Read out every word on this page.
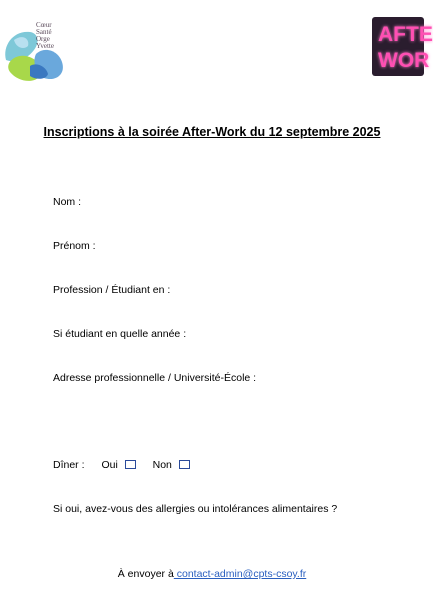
Cœur
Santé
Orge
Yvette	AFTE
WOR
Inscriptions à la soirée After-Work du 12 septembre 2025
Nom :
Prénom :
Profession / Étudiant en :
Si étudiant en quelle année :
Adresse professionnelle / Université-École :
Dîner : Oui	Non
Si oui, avez-vous des allergies ou intolérances alimentaires ?
À envoyer à contact-admin@cpts-csoy.fr
